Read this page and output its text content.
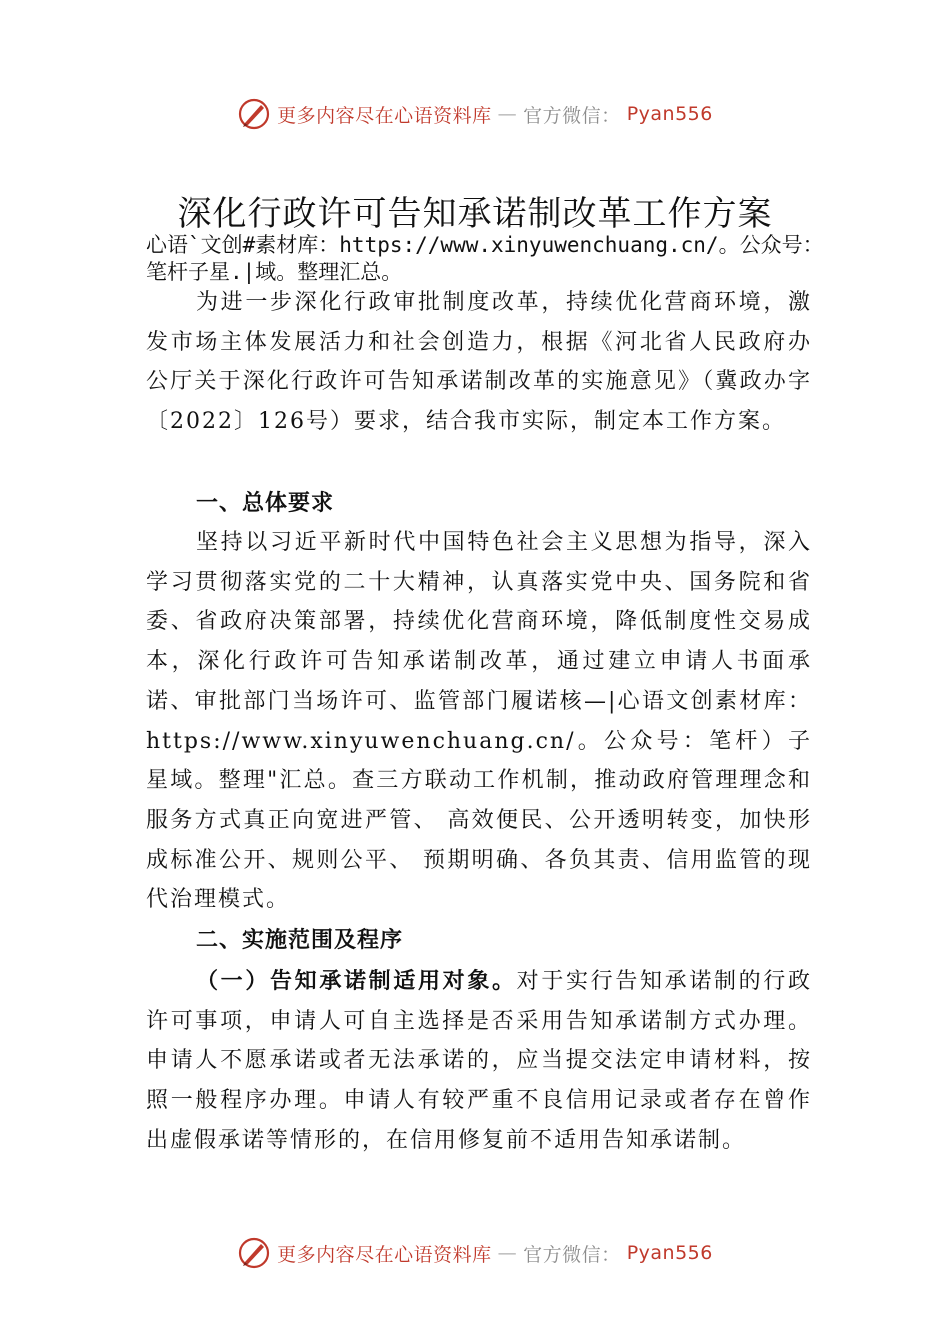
更多内容尽在心语资料库 — 官方微信： Pyan556
深化行政许可告知承诺制改革工作方案
心语`文创#素材库：https://www.xinyuwenchuang.cn/。公众号：笔杆子星.|域。整理汇总。
为进一步深化行政审批制度改革，持续优化营商环境，激发市场主体发展活力和社会创造力，根据《河北省人民政府办公厅关于深化行政许可告知承诺制改革的实施意见》（冀政办字〔2022〕126号）要求，结合我市实际，制定本工作方案。
一、总体要求
坚持以习近平新时代中国特色社会主义思想为指导，深入学习贯彻落实党的二十大精神，认真落实党中央、国务院和省委、省政府决策部署，持续优化营商环境，降低制度性交易成本，深化行政许可告知承诺制改革，通过建立申请人书面承诺、审批部门当场许可、监管部门履诺核—|心语文创素材库：https://www.xinyuwenchuang.cn/。公众号：笔杆）子星域。整理"汇总。查三方联动工作机制，推动政府管理理念和服务方式真正向宽进严管、 高效便民、公开透明转变，加快形成标准公开、规则公平、 预期明确、各负其责、信用监管的现代治理模式。
二、实施范围及程序
（一）告知承诺制适用对象。对于实行告知承诺制的行政许可事项，申请人可自主选择是否采用告知承诺制方式办理。申请人不愿承诺或者无法承诺的，应当提交法定申请材料，按照一般程序办理。申请人有较严重不良信用记录或者存在曾作出虚假承诺等情形的，在信用修复前不适用告知承诺制。
更多内容尽在心语资料库 — 官方微信： Pyan556
